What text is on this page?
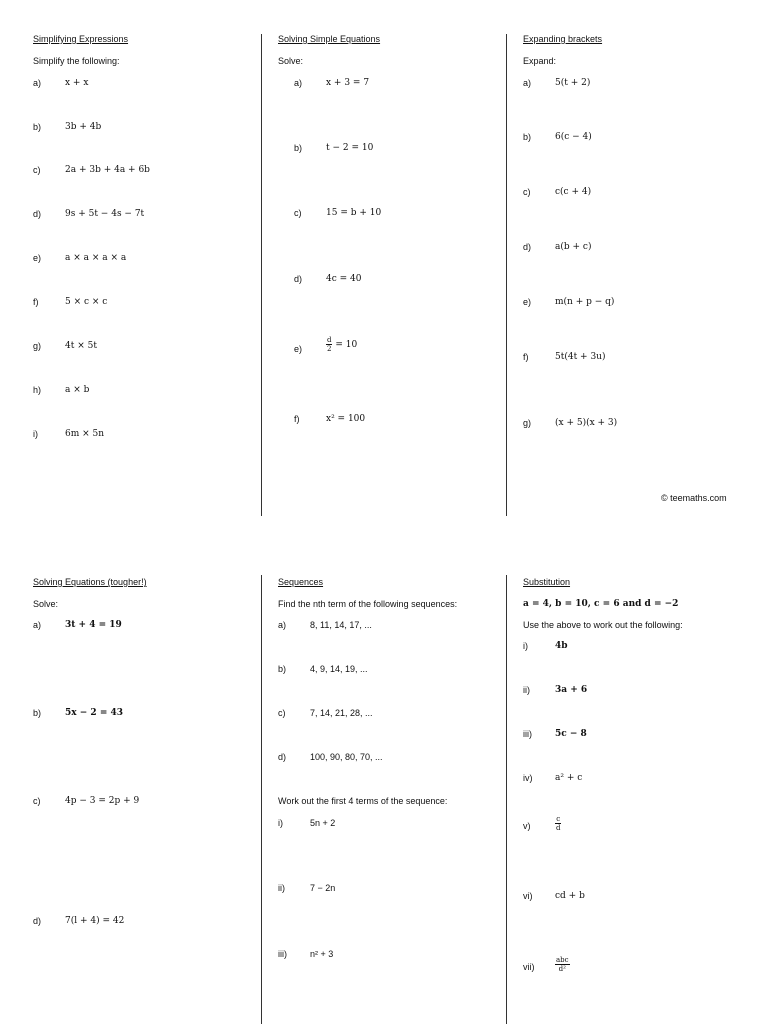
Simplifying Expressions
Simplify the following:
a)	x + x
b)	3b + 4b
c)	2a + 3b + 4a + 6b
d)	9s + 5t − 4s − 7t
e)	a × a × a × a
f)	5 × c × c
g)	4t × 5t
h)	a × b
i)	6m × 5n
Solving Simple Equations
Solve:
a)	x + 3 = 7
b)	t − 2 = 10
c)	15 = b + 10
d)	4c = 40
e)	$\frac{d}{2} = 10$
f)	x² = 100
Expanding brackets
Expand:
a)	5(t + 2)
b)	6(c − 4)
c)	c(c + 4)
d)	a(b + c)
e)	m(n + p − q)
f)	5t(4t + 3u)
g)	(x + 5)(x + 3)
© teemaths.com
Solving Equations (tougher!)
Solve:
a)	3t + 4 = 19
b)	5x − 2 = 43
c)	4p − 3 = 2p + 9
d)	7(l + 4) = 42
Sequences
Find the nth term of the following sequences:
a)	8, 11, 14, 17, ...
b)	4, 9, 14, 19, ...
c)	7, 14, 21, 28, ...
d)	100, 90, 80, 70, ...
Work out the first 4 terms of the sequence:
i)	5n + 2
ii)	7 − 2n
iii)	n² + 3
Substitution
a = 4, b = 10, c = 6 and d = −2
Use the above to work out the following:
i)	4b
ii)	3a + 6
iii)	5c − 8
iv)	a² + c
v)	$\frac{c}{d}$
vi)	cd + b
vii)	$\frac{\text{abc}}{\text{d²}}$
